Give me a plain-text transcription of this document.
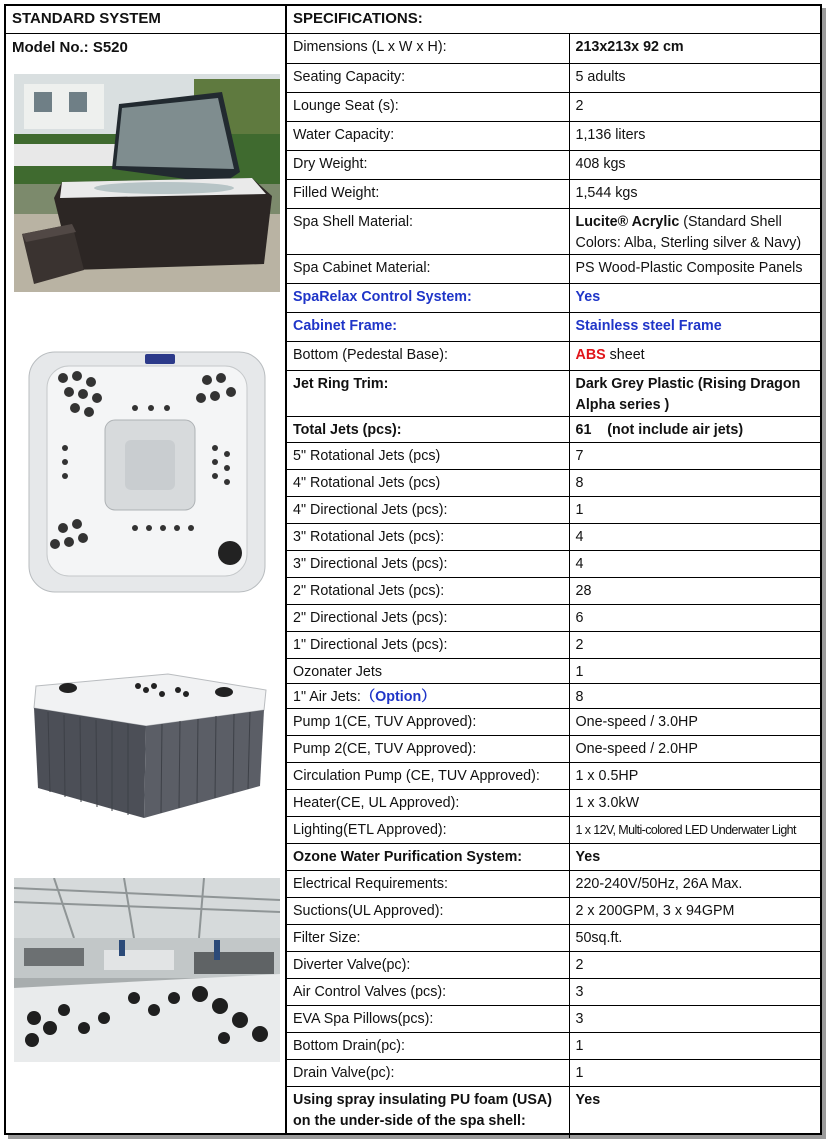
STANDARD SYSTEM
Model No.: S520
SPECIFICATIONS:
Dimensions (L x W x H):	213x213x 92 cm
Seating Capacity:	5 adults
Lounge Seat (s):	2
Water Capacity:	1,136 liters
Dry Weight:	408 kgs
Filled Weight:	1,544 kgs
Spa Shell Material:	Lucite® Acrylic (Standard Shell Colors: Alba, Sterling silver & Navy)
Spa Cabinet Material:	PS Wood-Plastic Composite Panels
SpaRelax Control System:	Yes
Cabinet Frame:	Stainless steel Frame
Bottom (Pedestal Base):	ABS sheet
Jet Ring Trim:	Dark Grey Plastic (Rising Dragon Alpha series )
Total Jets (pcs):	61    (not include air jets)
5" Rotational Jets (pcs)	7
4" Rotational Jets (pcs)	8
4" Directional Jets (pcs):	1
3" Rotational Jets (pcs):	4
3" Directional Jets (pcs):	4
2" Rotational Jets (pcs):	28
2" Directional Jets (pcs):	6
1" Directional Jets (pcs):	2
Ozonater Jets	1
1" Air Jets:（Option）	8
Pump 1(CE, TUV Approved):	One-speed / 3.0HP
Pump 2(CE, TUV Approved):	One-speed / 2.0HP
Circulation Pump (CE, TUV Approved):	1 x 0.5HP
Heater(CE, UL Approved):	1 x 3.0kW
Lighting(ETL Approved):	1 x 12V, Multi-colored LED Underwater Light
Ozone Water Purification System:	Yes
Electrical Requirements:	220-240V/50Hz, 26A Max.
Suctions(UL Approved):	2 x 200GPM, 3 x 94GPM
Filter Size:	50sq.ft.
Diverter Valve(pc):	2
Air Control Valves (pcs):	3
EVA Spa Pillows(pcs):	3
Bottom Drain(pc):	1
Drain Valve(pc):	1
Using spray insulating PU foam (USA) on the under-side of the spa shell:	Yes
